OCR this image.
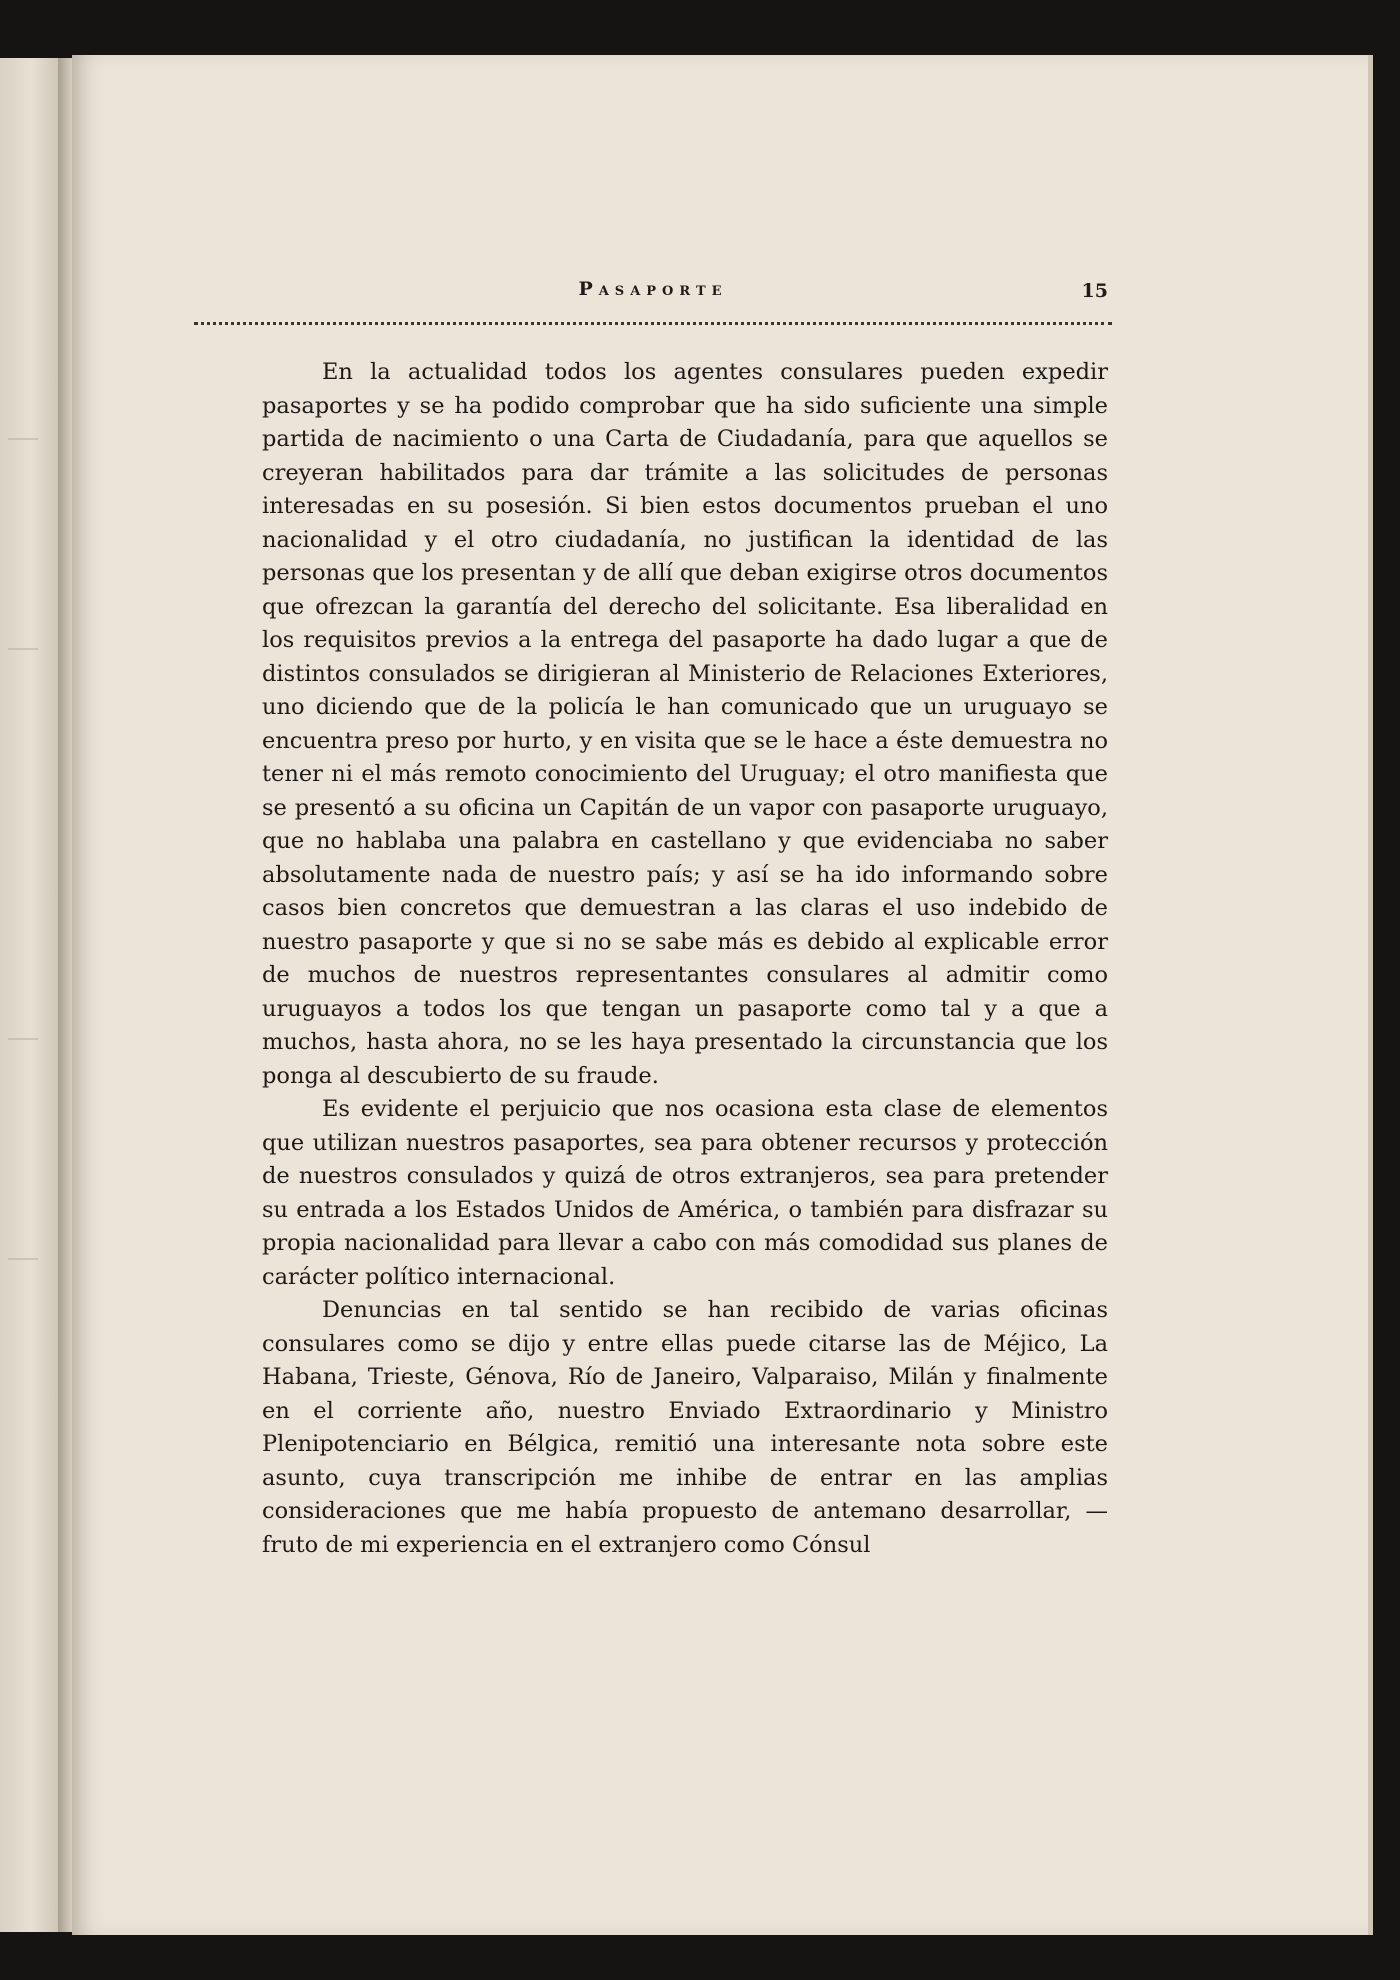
Pasaporte	15

En la actualidad todos los agentes consulares pueden expedir pasaportes y se ha podido comprobar que ha sido suficiente una simple partida de nacimiento o una Carta de Ciudadanía, para que aquellos se creyeran habilitados para dar trámite a las solicitudes de personas interesadas en su posesión. Si bien estos documentos prueban el uno nacionalidad y el otro ciudadanía, no justifican la identidad de las personas que los presentan y de allí que deban exigirse otros documentos que ofrezcan la garantía del derecho del solicitante. Esa liberalidad en los requisitos previos a la entrega del pasaporte ha dado lugar a que de distintos consulados se dirigieran al Ministerio de Relaciones Exteriores, uno diciendo que de la policía le han comunicado que un uruguayo se encuentra preso por hurto, y en visita que se le hace a éste demuestra no tener ni el más remoto conocimiento del Uruguay; el otro manifiesta que se presentó a su oficina un Capitán de un vapor con pasaporte uruguayo, que no hablaba una palabra en castellano y que evidenciaba no saber absolutamente nada de nuestro país; y así se ha ido informando sobre casos bien concretos que demuestran a las claras el uso indebido de nuestro pasaporte y que si no se sabe más es debido al explicable error de muchos de nuestros representantes consulares al admitir como uruguayos a todos los que tengan un pasaporte como tal y a que a muchos, hasta ahora, no se les haya presentado la circunstancia que los ponga al descubierto de su fraude.

Es evidente el perjuicio que nos ocasiona esta clase de elementos que utilizan nuestros pasaportes, sea para obtener recursos y protección de nuestros consulados y quizá de otros extranjeros, sea para pretender su entrada a los Estados Unidos de América, o también para disfrazar su propia nacionalidad para llevar a cabo con más comodidad sus planes de carácter político internacional.

Denuncias en tal sentido se han recibido de varias oficinas consulares como se dijo y entre ellas puede citarse las de Méjico, La Habana, Trieste, Génova, Río de Janeiro, Valparaiso, Milán y finalmente en el corriente año, nuestro Enviado Extraordinario y Ministro Plenipotenciario en Bélgica, remitió una interesante nota sobre este asunto, cuya transcripción me inhibe de entrar en las amplias consideraciones que me había propuesto de antemano desarrollar, — fruto de mi experiencia en el extranjero como Cónsul
